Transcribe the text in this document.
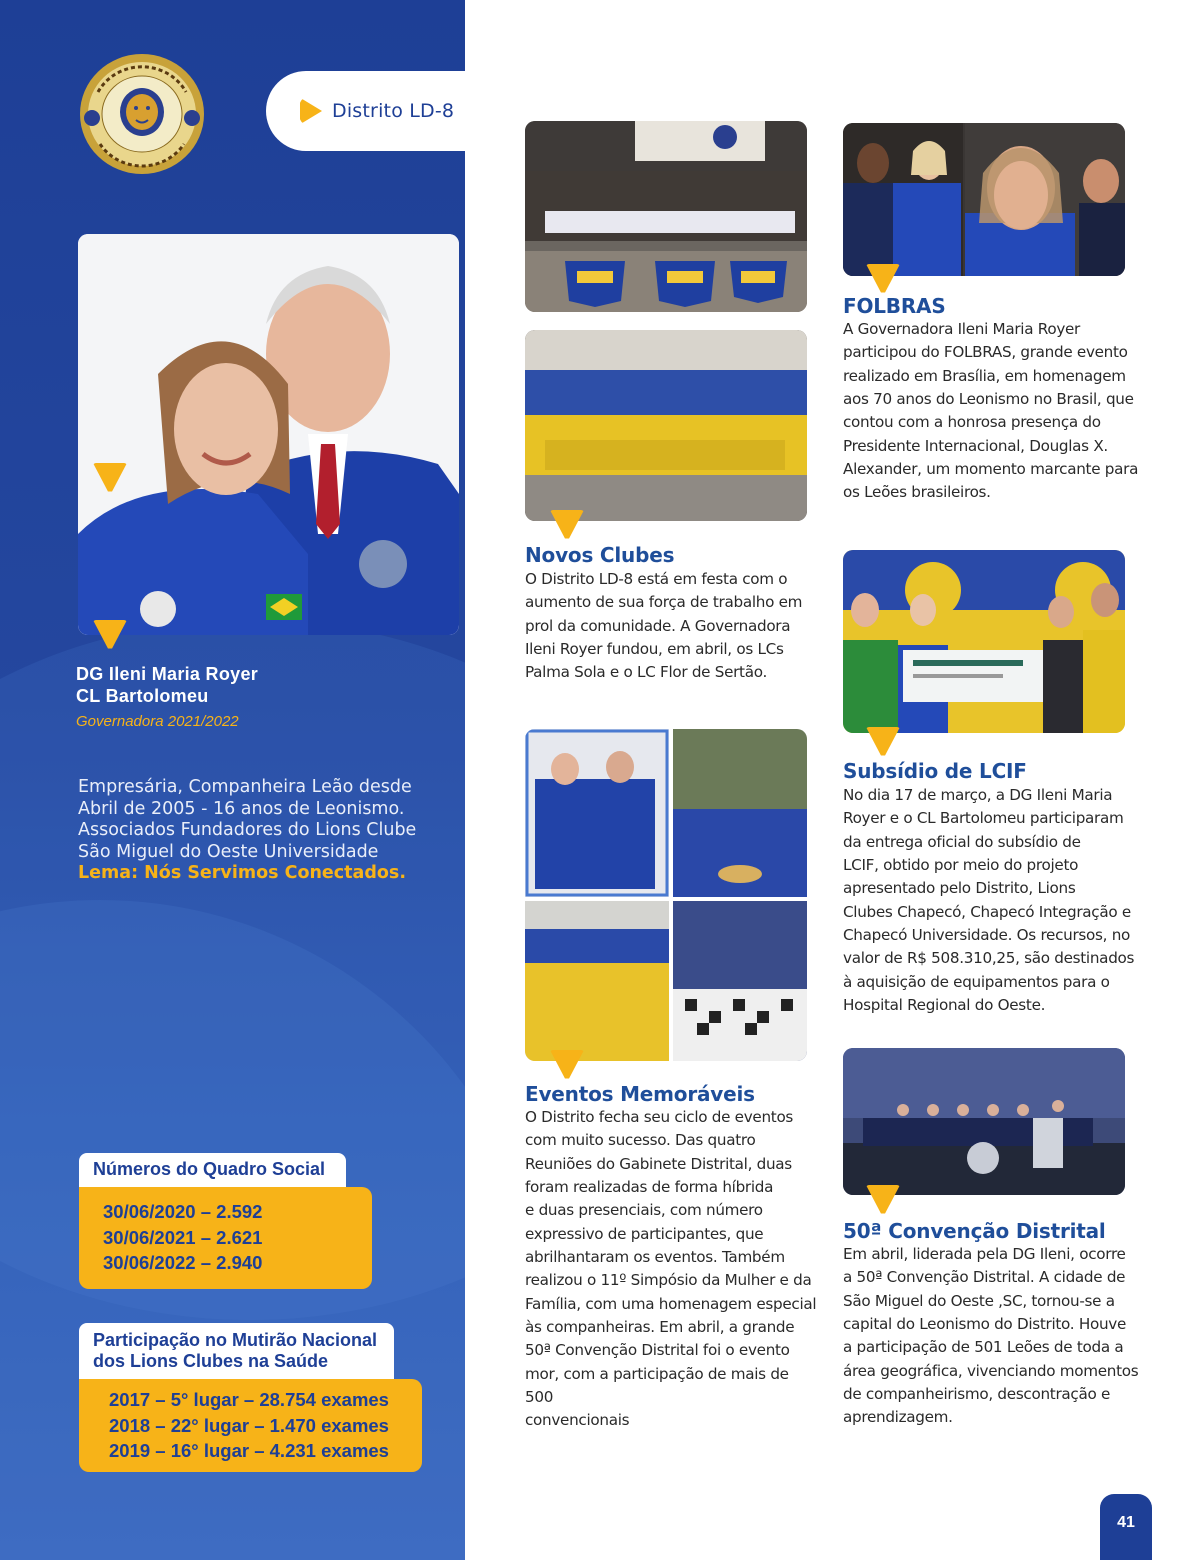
Distrito LD-8
DG Ileni Maria Royer
CL Bartolomeu
Governadora 2021/2022
Empresária, Companheira Leão desde
Abril de 2005 - 16 anos de Leonismo.
Associados Fundadores do Lions Clube
São Miguel do Oeste Universidade
Lema: Nós Servimos Conectados.
Números do Quadro Social
30/06/2020 – 2.592
30/06/2021 – 2.621
30/06/2022 – 2.940
Participação no Mutirão Nacional
dos Lions Clubes na Saúde
2017 – 5° lugar – 28.754 exames
2018 – 22° lugar – 1.470 exames
2019 – 16° lugar – 4.231 exames
Novos Clubes
O Distrito LD-8 está em festa com o
aumento de sua força de trabalho em
prol da comunidade. A Governadora
Ileni Royer fundou, em abril, os LCs
Palma Sola e o LC Flor de Sertão.
Eventos Memoráveis
O Distrito fecha seu ciclo de eventos
com muito sucesso. Das quatro
Reuniões do Gabinete Distrital, duas
foram realizadas de forma híbrida
e duas presenciais, com número
expressivo de participantes, que
abrilhantaram os eventos. Também
realizou o 11º Simpósio da Mulher e da
Família, com uma homenagem especial
às companheiras. Em abril, a grande
50ª Convenção Distrital foi o evento
mor, com a participação de mais de 500
convencionais
FOLBRAS
A Governadora Ileni Maria Royer
participou do FOLBRAS, grande evento
realizado em Brasília, em homenagem
aos 70 anos do Leonismo no Brasil, que
contou com a honrosa presença do
Presidente Internacional, Douglas X.
Alexander, um momento marcante para
os Leões brasileiros.
Subsídio de LCIF
No dia 17 de março, a DG Ileni Maria
Royer e o CL Bartolomeu participaram
da entrega oficial do subsídio de
LCIF, obtido por meio do projeto
apresentado pelo Distrito, Lions
Clubes Chapecó, Chapecó Integração e
Chapecó Universidade. Os recursos, no
valor de R$ 508.310,25, são destinados
à aquisição de equipamentos para o
Hospital Regional do Oeste.
50ª Convenção Distrital
Em abril, liderada pela DG Ileni, ocorre
a 50ª Convenção Distrital. A cidade de
São Miguel do Oeste ,SC, tornou-se a
capital do Leonismo do Distrito. Houve
a participação de 501 Leões de toda a
área geográfica, vivenciando momentos
de companheirismo, descontração e
aprendizagem.
41
